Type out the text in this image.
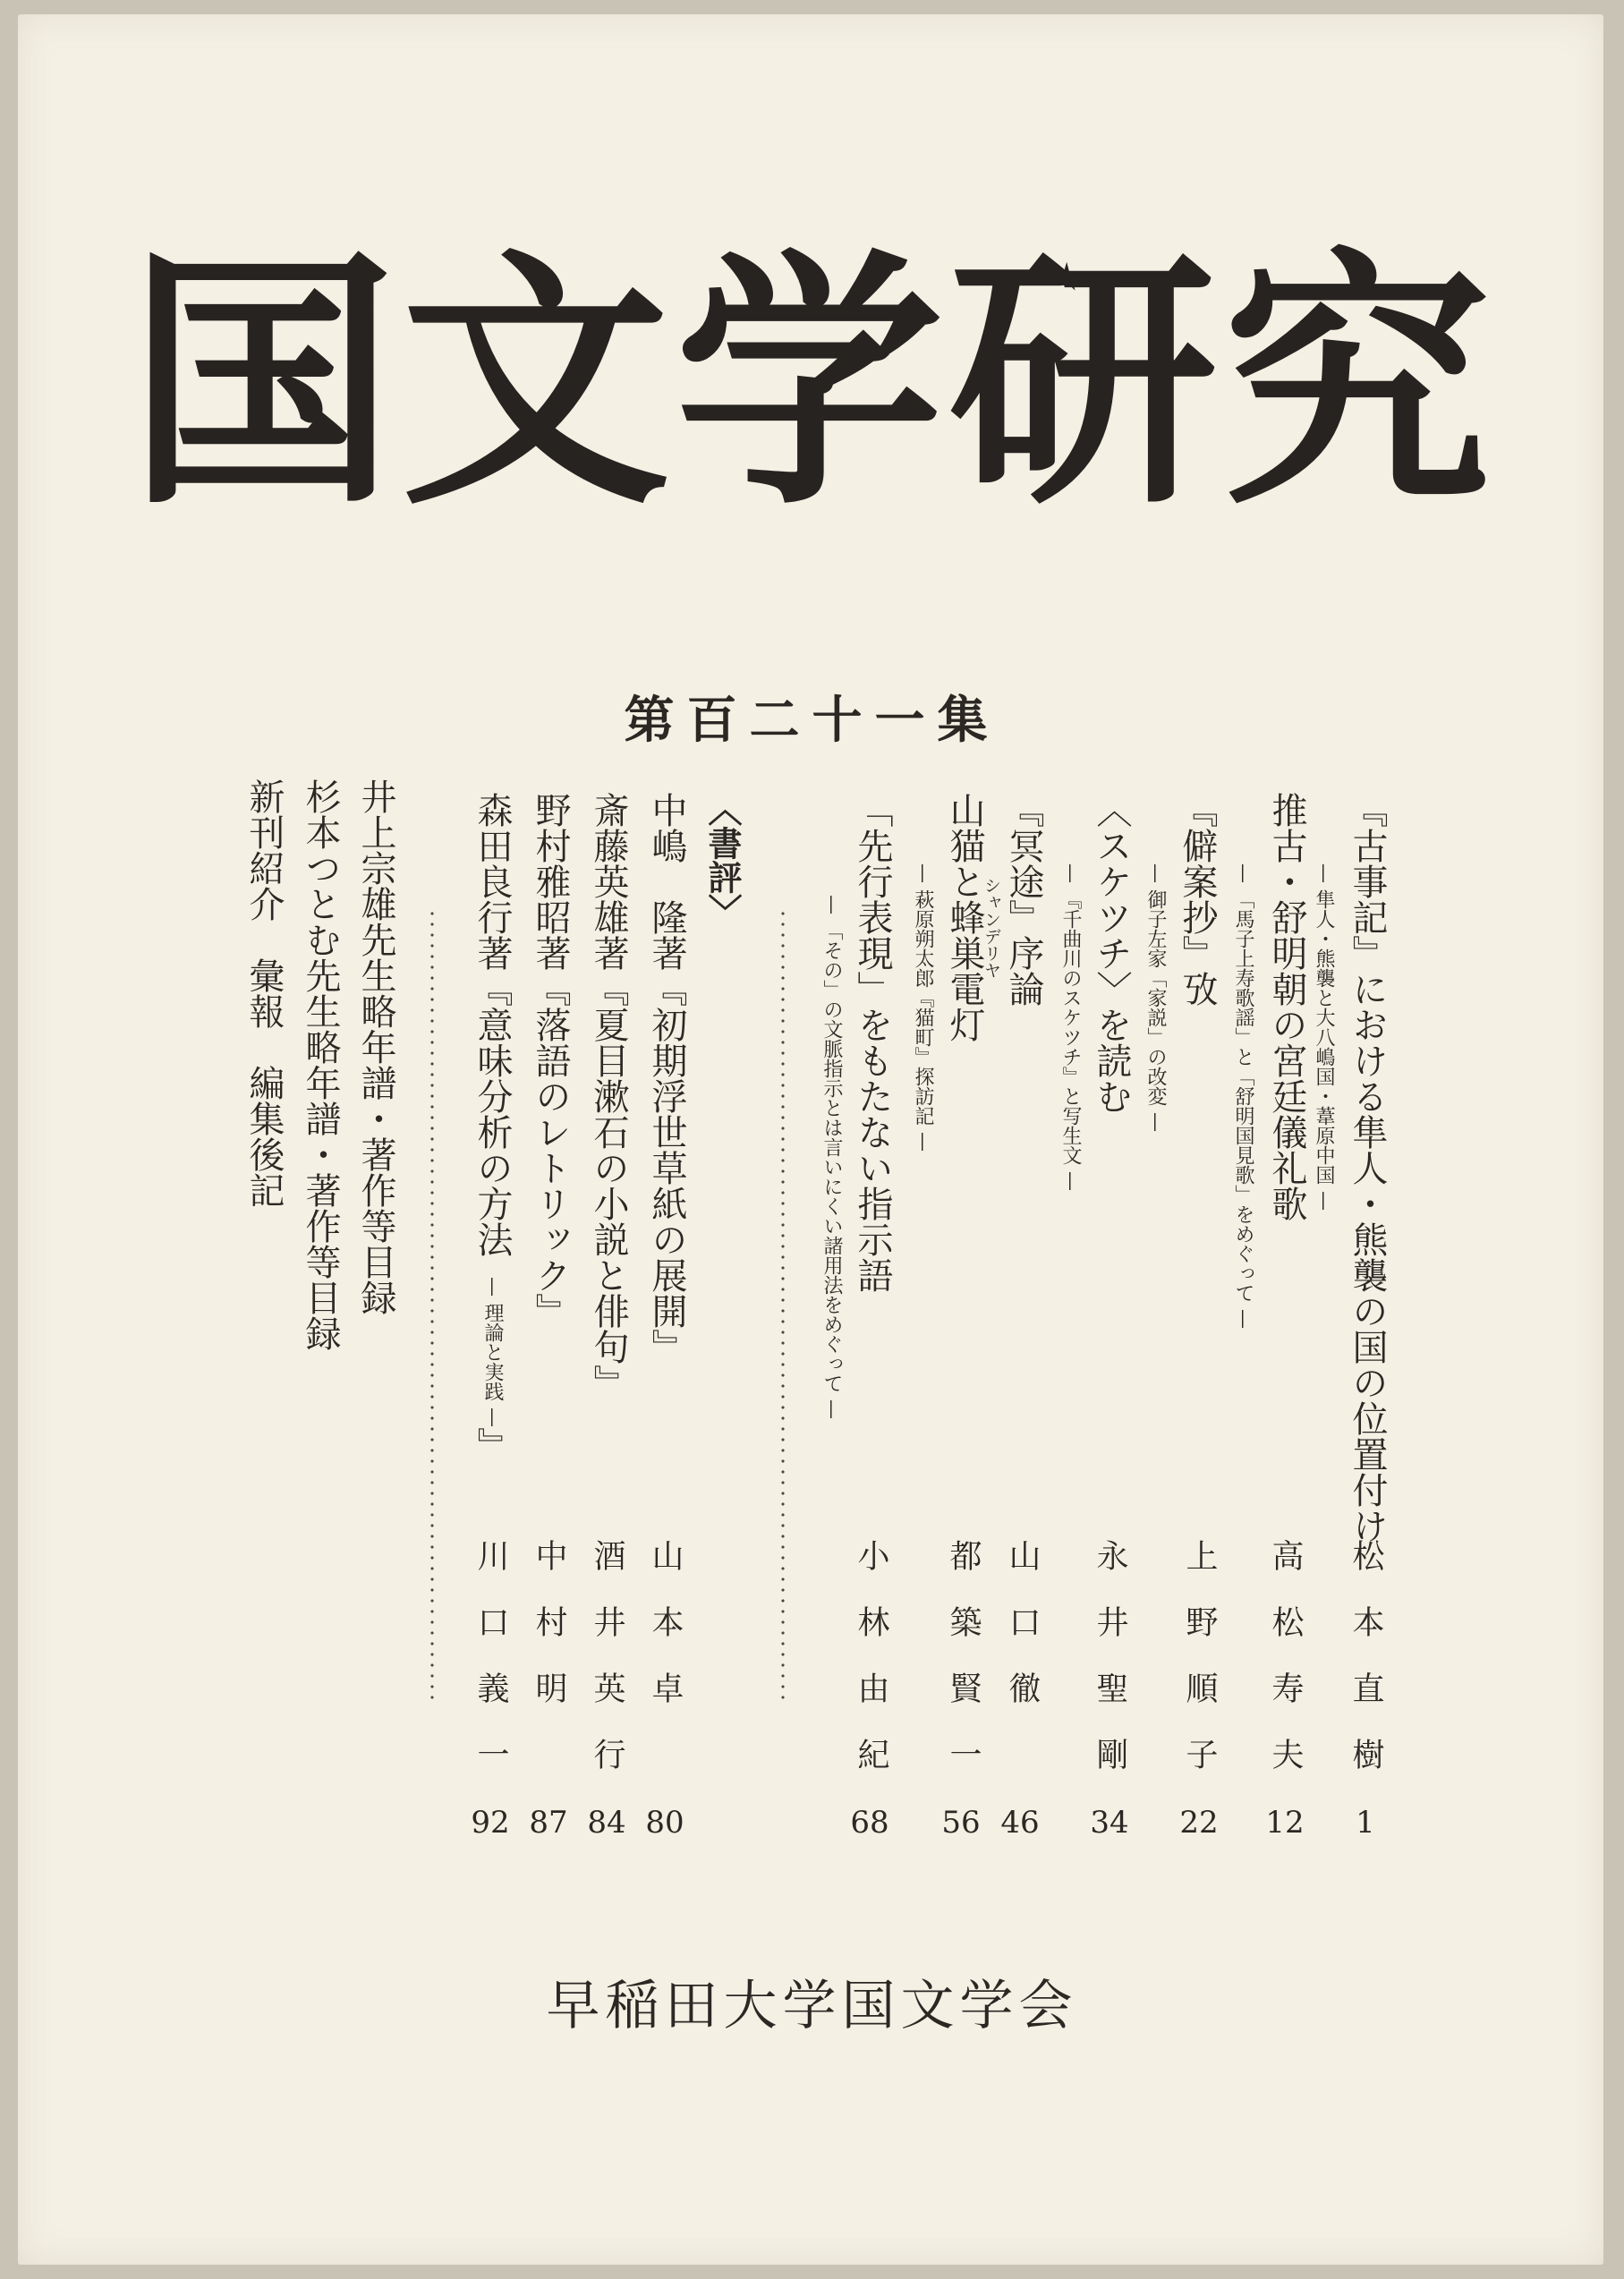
国文学研究
第百二十一集
『古事記』における隼人・熊襲の国の位置付け
— 隼人・熊襲と大八嶋国・葦原中国 —
推古・舒明朝の宮廷儀礼歌
— 「馬子上寿歌謡」と「舒明国見歌」をめぐって —
『僻案抄』攷
— 御子左家「家説」の改変 —
〈スケツチ〉を読む
— 『千曲川のスケツチ』と写生文 —
『冥途』序論
山猫と蜂巣電灯
シャンデリヤ
— 萩原朔太郎『猫町』探訪記 —
「先行表現」をもたない指示語
— 「その」の文脈指示とは言いにくい諸用法をめぐって —
松本直樹
高松寿夫
上野順子
永井聖剛
山口徹
都築賢一
小林由紀
1
12
22
34
46
56
68
〈書評〉
中嶋　隆著『初期浮世草紙の展開』
斎藤英雄著『夏目漱石の小説と俳句』
野村雅昭著『落語のレトリック』
森田良行著『意味分析の方法　— 理論と実践 —』
山本卓
酒井英行
中村明
川口義一
80
84
87
92
井上宗雄先生略年譜・著作等目録
杉本つとむ先生略年譜・著作等目録
新刊紹介　彙報　編集後記
早稲田大学国文学会
